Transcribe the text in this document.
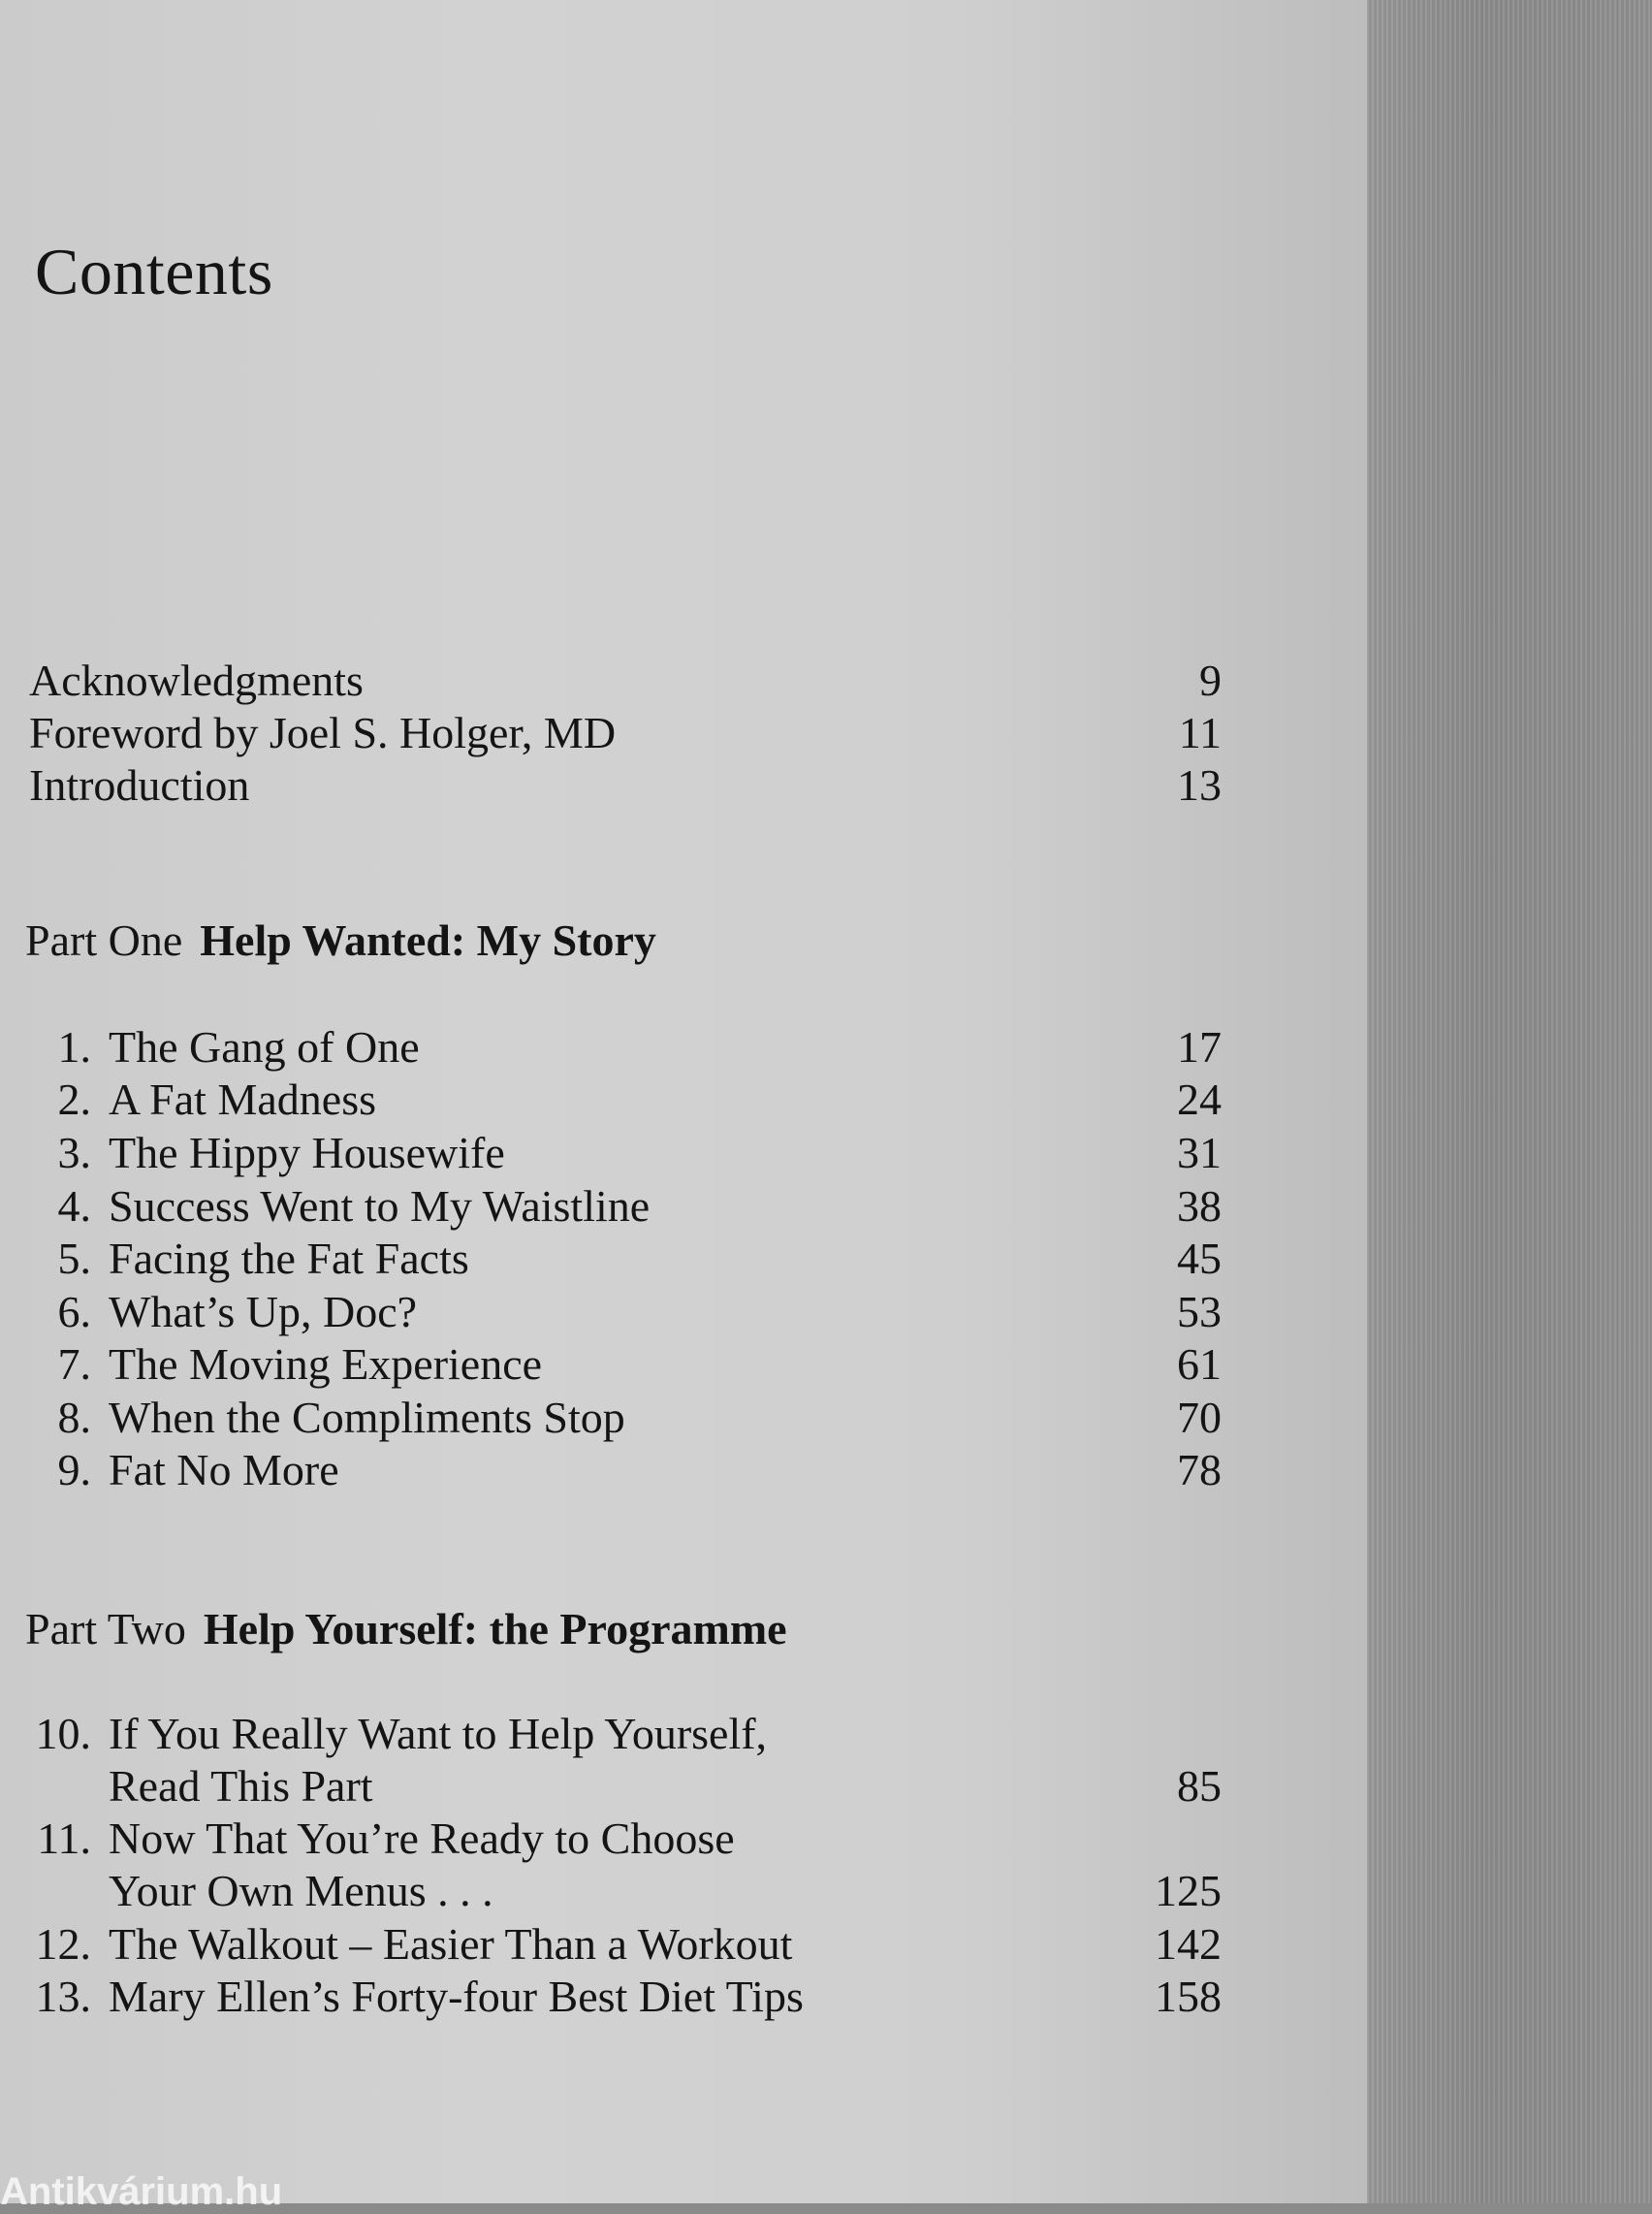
Contents
Acknowledgments	9
Foreword by Joel S. Holger, MD	11
Introduction	13
Part One Help Wanted: My Story
1. The Gang of One	17
2. A Fat Madness	24
3. The Hippy Housewife	31
4. Success Went to My Waistline	38
5. Facing the Fat Facts	45
6. What’s Up, Doc?	53
7. The Moving Experience	61
8. When the Compliments Stop	70
9. Fat No More	78
Part Two Help Yourself: the Programme
10. If You Really Want to Help Yourself,
Read This Part	85
11. Now That You’re Ready to Choose
Your Own Menus . . .	125
12. The Walkout – Easier Than a Workout	142
13. Mary Ellen’s Forty-four Best Diet Tips	158
Antikvárium.hu
